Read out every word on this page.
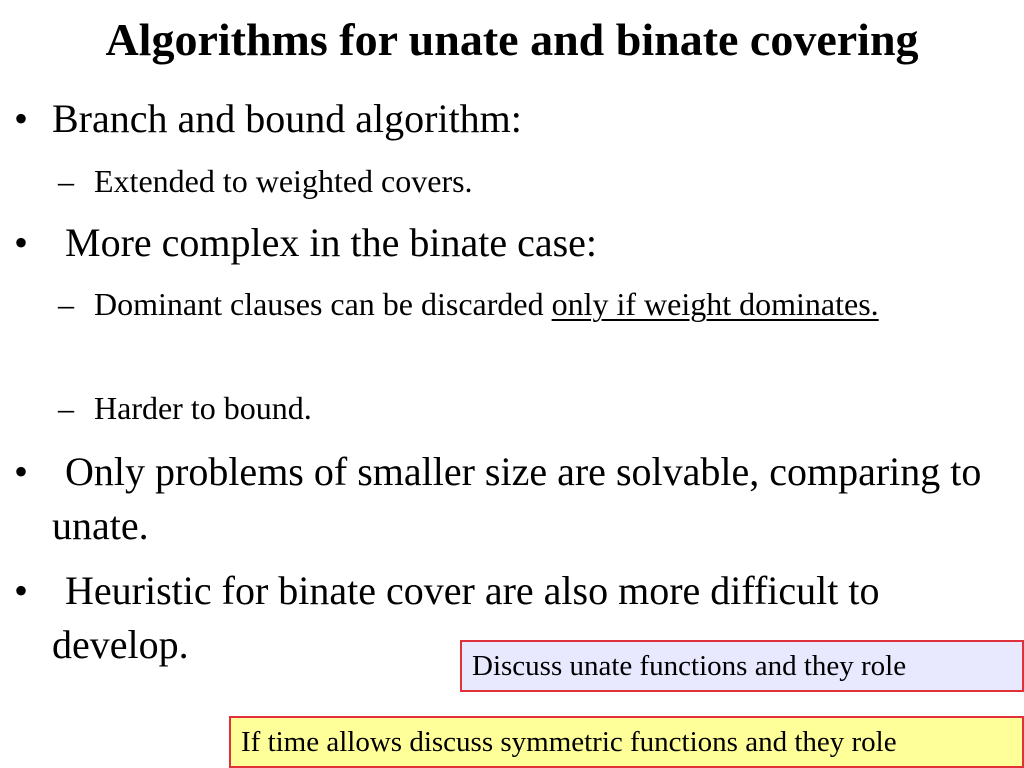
Algorithms for unate and binate covering
• Branch and bound algorithm:
– Extended to weighted covers.
• More complex in the binate case:
– Dominant clauses can be discarded only if weight dominates.
– Harder to bound.
• Only problems of smaller size are solvable, comparing to unate.
• Heuristic for binate cover are also more difficult to develop.	Discuss unate functions and they role
If time allows discuss symmetric functions and they role
